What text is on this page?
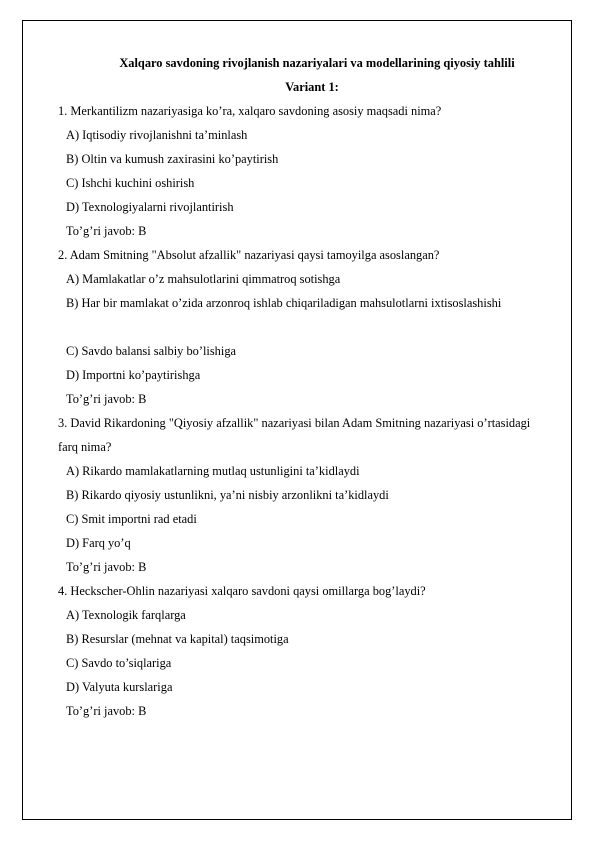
Xalqaro savdoning rivojlanish nazariyalari va modellarining qiyosiy tahlili
Variant 1:
1. Merkantilizm nazariyasiga ko’ra, xalqaro savdoning asosiy maqsadi nima?
A) Iqtisodiy rivojlanishni ta’minlash
B) Oltin va kumush zaxirasini ko’paytirish
C) Ishchi kuchini oshirish
D) Texnologiyalarni rivojlantirish
To’g’ri javob: B
2. Adam Smitning "Absolut afzallik" nazariyasi qaysi tamoyilga asoslangan?
A) Mamlakatlar o’z mahsulotlarini qimmatroq sotishga
B) Har bir mamlakat o’zida arzonroq ishlab chiqariladigan mahsulotlarni ixtisoslashishi
C) Savdo balansi salbiy bo’lishiga
D) Importni ko’paytirishga
To’g’ri javob: B
3. David Rikardoning "Qiyosiy afzallik" nazariyasi bilan Adam Smitning nazariyasi o’rtasidagi farq nima?
A) Rikardo mamlakatlarning mutlaq ustunligini ta’kidlaydi
B) Rikardo qiyosiy ustunlikni, ya’ni nisbiy arzonlikni ta’kidlaydi
C) Smit importni rad etadi
D) Farq yo’q
To’g’ri javob: B
4. Heckscher-Ohlin nazariyasi xalqaro savdoni qaysi omillarga bog’laydi?
A) Texnologik farqlarga
B) Resurslar (mehnat va kapital) taqsimotiga
C) Savdo to’siqlariga
D) Valyuta kurslariga
To’g’ri javob: B
